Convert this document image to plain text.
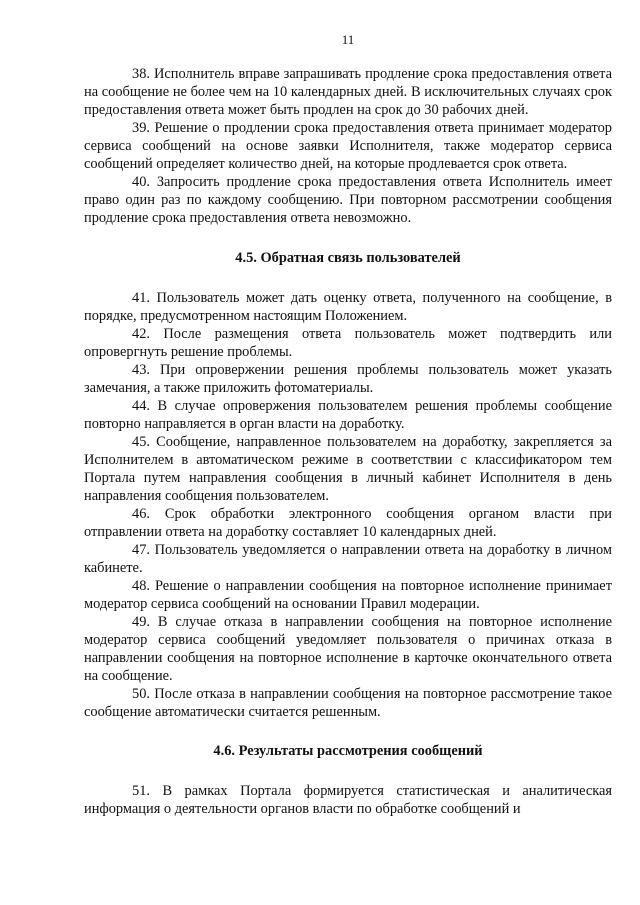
11

38. Исполнитель вправе запрашивать продление срока предоставления ответа на сообщение не более чем на 10 календарных дней. В исключительных случаях срок предоставления ответа может быть продлен на срок до 30 рабочих дней.

39. Решение о продлении срока предоставления ответа принимает модератор сервиса сообщений на основе заявки Исполнителя, также модератор сервиса сообщений определяет количество дней, на которые продлевается срок ответа.

40. Запросить продление срока предоставления ответа Исполнитель имеет право один раз по каждому сообщению. При повторном рассмотрении сообщения продление срока предоставления ответа невозможно.

4.5. Обратная связь пользователей

41. Пользователь может дать оценку ответа, полученного на сообщение, в порядке, предусмотренном настоящим Положением.

42. После размещения ответа пользователь может подтвердить или опровергнуть решение проблемы.

43. При опровержении решения проблемы пользователь может указать замечания, а также приложить фотоматериалы.

44. В случае опровержения пользователем решения проблемы сообщение повторно направляется в орган власти на доработку.

45. Сообщение, направленное пользователем на доработку, закрепляется за Исполнителем в автоматическом режиме в соответствии с классификатором тем Портала путем направления сообщения в личный кабинет Исполнителя в день направления сообщения пользователем.

46. Срок обработки электронного сообщения органом власти при отправлении ответа на доработку составляет 10 календарных дней.

47. Пользователь уведомляется о направлении ответа на доработку в личном кабинете.

48. Решение о направлении сообщения на повторное исполнение принимает модератор сервиса сообщений на основании Правил модерации.

49. В случае отказа в направлении сообщения на повторное исполнение модератор сервиса сообщений уведомляет пользователя о причинах отказа в направлении сообщения на повторное исполнение в карточке окончательного ответа на сообщение.

50. После отказа в направлении сообщения на повторное рассмотрение такое сообщение автоматически считается решенным.

4.6. Результаты рассмотрения сообщений

51. В рамках Портала формируется статистическая и аналитическая информация о деятельности органов власти по обработке сообщений и
